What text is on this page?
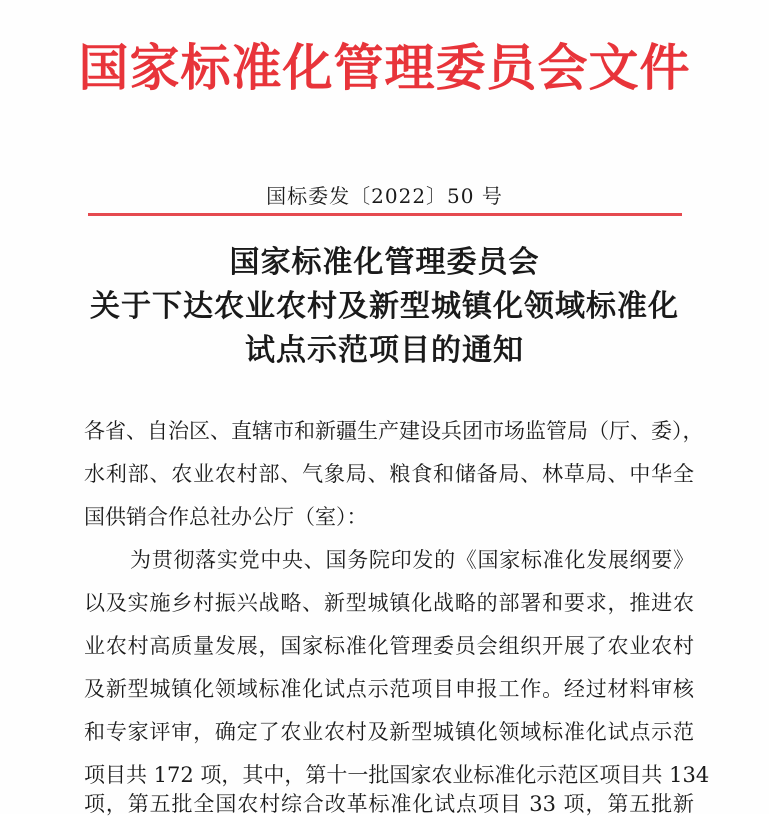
国家标准化管理委员会文件
国标委发〔2022〕50 号
国家标准化管理委员会
关于下达农业农村及新型城镇化领域标准化
试点示范项目的通知
各省、自治区、直辖市和新疆生产建设兵团市场监管局（厅、委），
水利部、农业农村部、气象局、粮食和储备局、林草局、中华全
国供销合作总社办公厅（室）：
为贯彻落实党中央、国务院印发的《国家标准化发展纲要》
以及实施乡村振兴战略、新型城镇化战略的部署和要求，推进农
业农村高质量发展，国家标准化管理委员会组织开展了农业农村
及新型城镇化领域标准化试点示范项目申报工作。经过材料审核
和专家评审，确定了农业农村及新型城镇化领域标准化试点示范
项目共 172 项，其中，第十一批国家农业标准化示范区项目共 134
项，第五批全国农村综合改革标准化试点项目 33 项，第五批新
